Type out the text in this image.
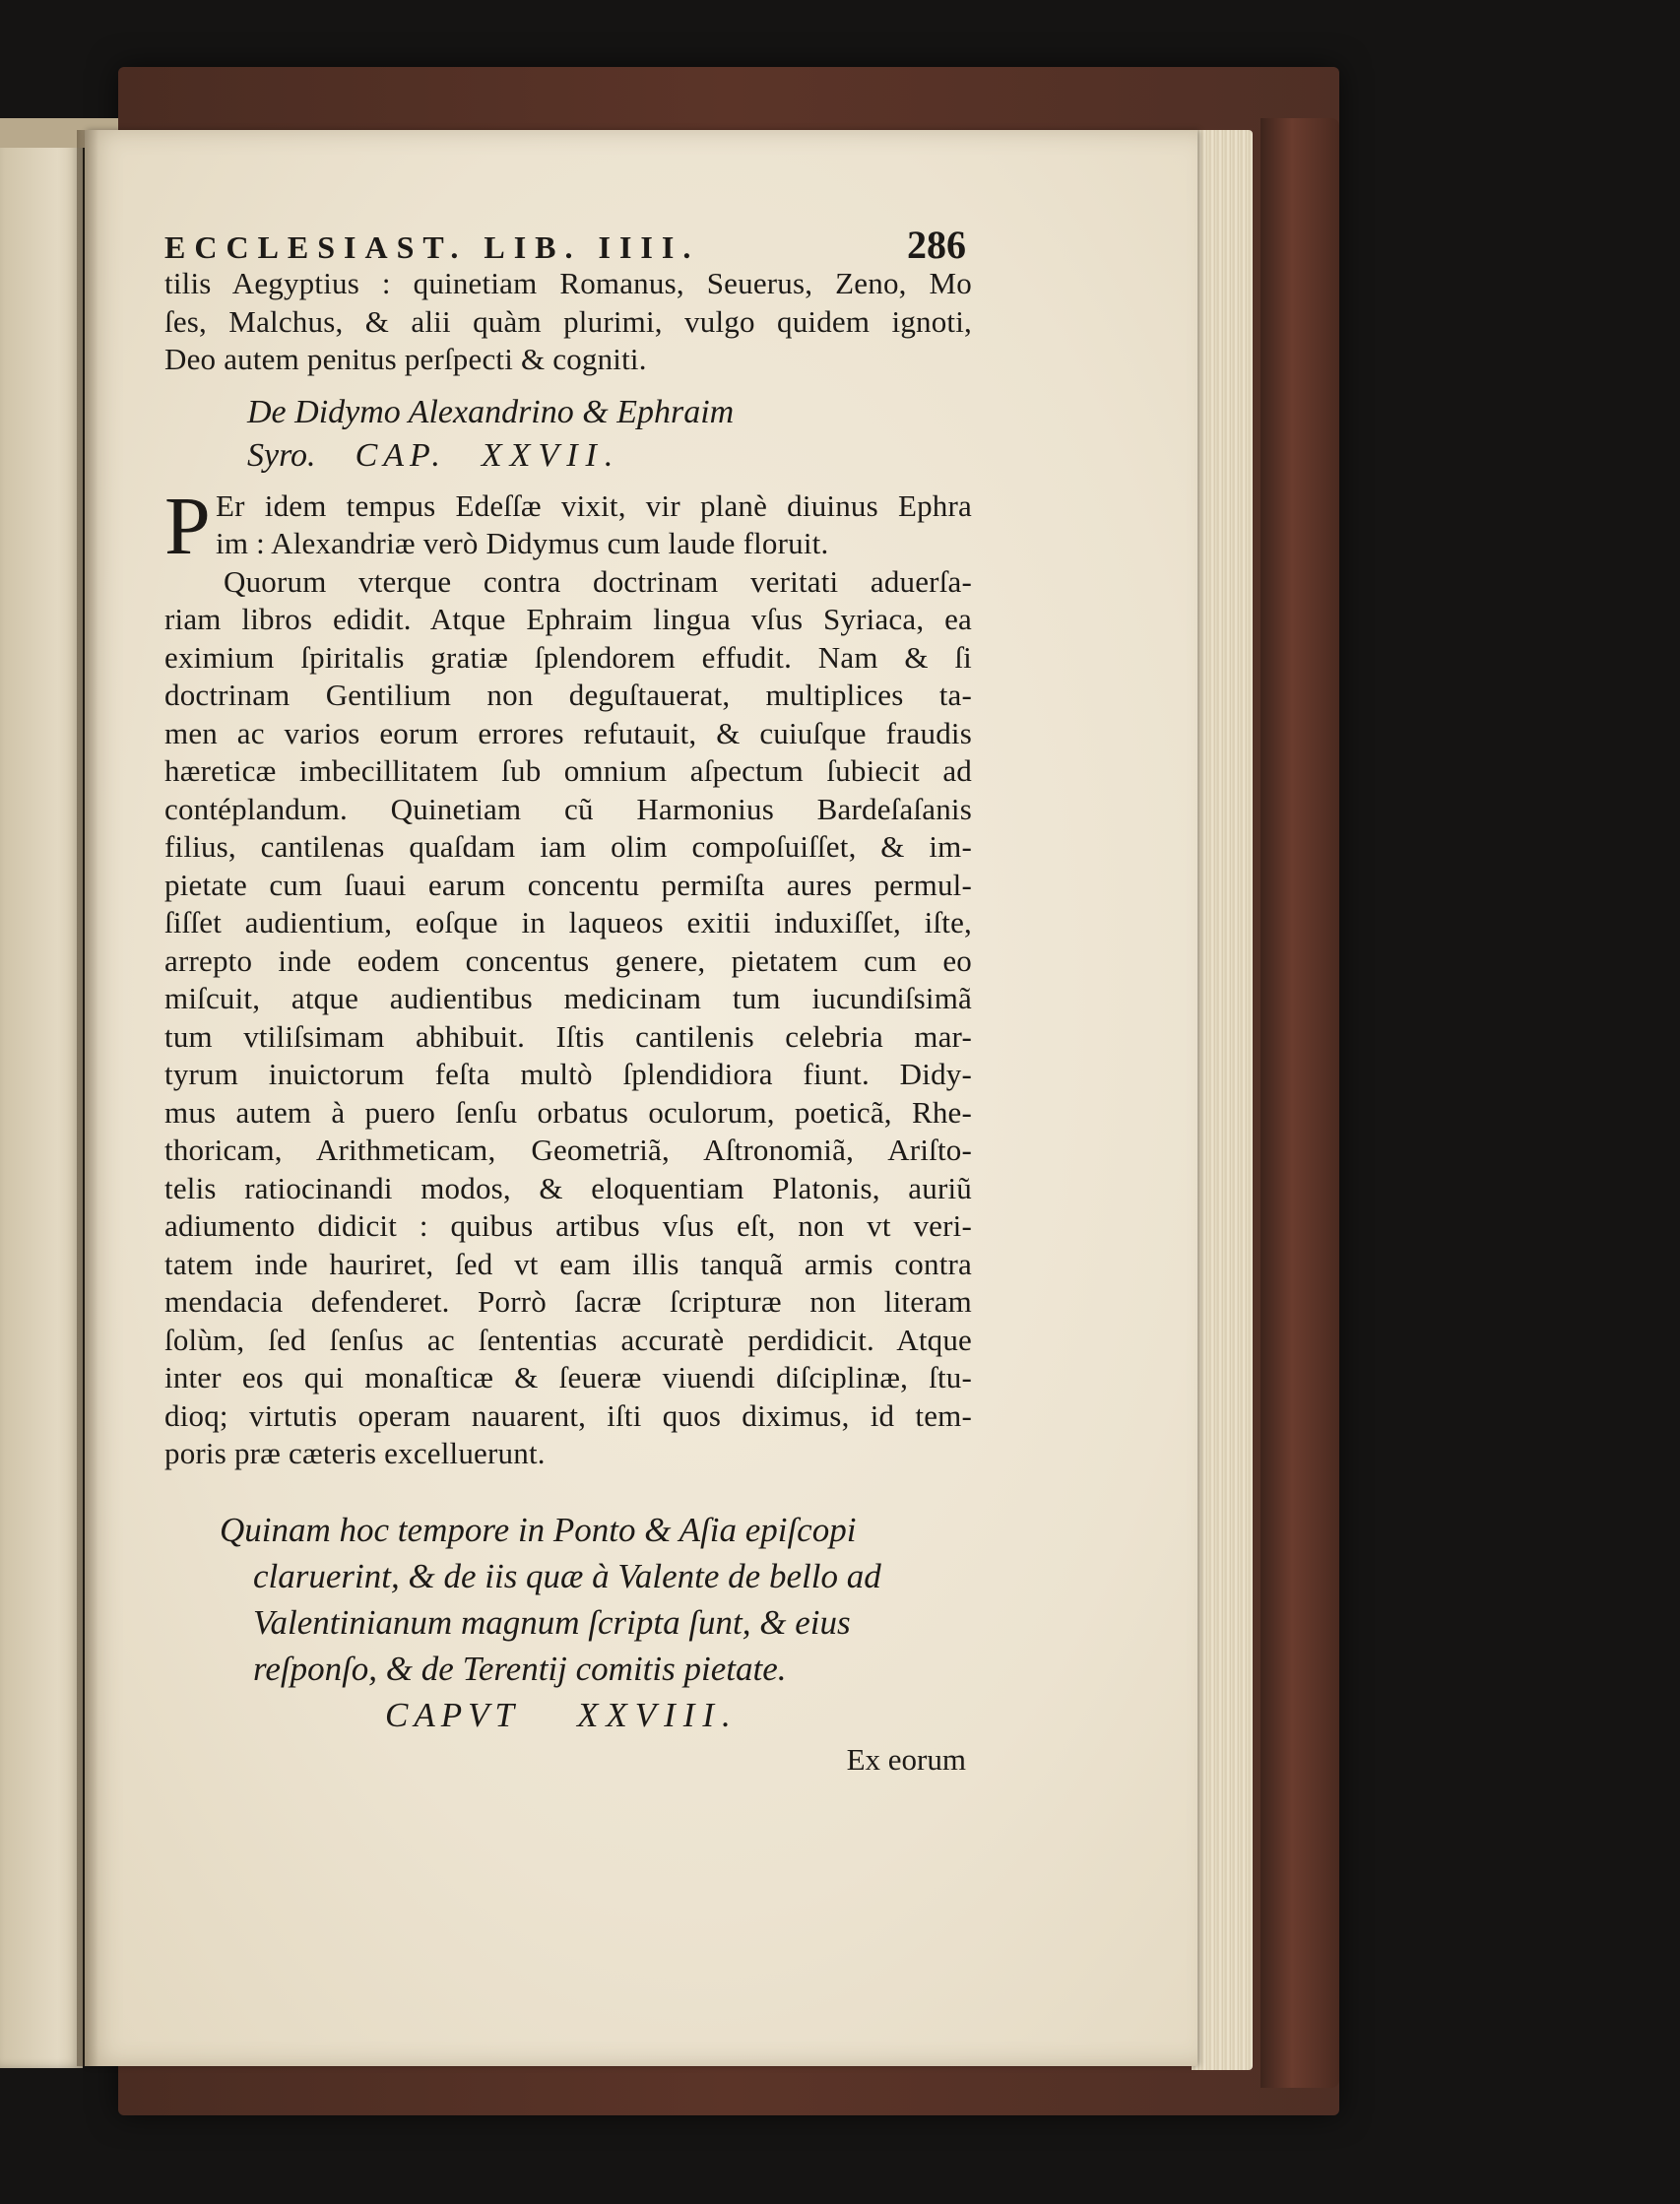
ECCLESIAST. LIB. IIII.	286
tilis Aegyptius : quinetiam Romanus, Seuerus, Zeno, Mo
ſes, Malchus, & alii quàm plurimi, vulgo quidem ignoti,
Deo autem penitus perſpecti & cogniti.
De Didymo Alexandrino & Ephraim
Syro. CAP. XXVII.
P Er idem tempus Edeſſæ vixit, vir planè diuinus Ephra
im : Alexandriæ verò Didymus cum laude floruit.
Quorum vterque contra doctrinam veritati aduerſa-
riam libros edidit. Atque Ephraim lingua vſus Syriaca, ea
eximium ſpiritalis gratiæ ſplendorem effudit. Nam & ſi
doctrinam Gentilium non deguſtauerat, multiplices ta-
men ac varios eorum errores refutauit, & cuiuſque fraudis
hæreticæ imbecillitatem ſub omnium aſpectum ſubiecit ad
contéplandum. Quinetiam cũ Harmonius Bardeſaſanis
filius, cantilenas quaſdam iam olim compoſuiſſet, & im-
pietate cum ſuaui earum concentu permiſta aures permul-
ſiſſet audientium, eoſque in laqueos exitii induxiſſet, iſte,
arrepto inde eodem concentus genere, pietatem cum eo
miſcuit, atque audientibus medicinam tum iucundiſsimã
tum vtiliſsimam abhibuit. Iſtis cantilenis celebria mar-
tyrum inuictorum feſta multò ſplendidiora fiunt. Didy-
mus autem à puero ſenſu orbatus oculorum, poeticã, Rhe-
thoricam, Arithmeticam, Geometriã, Aſtronomiã, Ariſto-
telis ratiocinandi modos, & eloquentiam Platonis, auriũ
adiumento didicit : quibus artibus vſus eſt, non vt veri-
tatem inde hauriret, ſed vt eam illis tanquã armis contra
mendacia defenderet. Porrò ſacræ ſcripturæ non literam
ſolùm, ſed ſenſus ac ſententias accuratè perdidicit. Atque
inter eos qui monaſticæ & ſeueræ viuendi diſciplinæ, ſtu-
dioq; virtutis operam nauarent, iſti quos diximus, id tem-
poris præ cæteris excelluerunt.
Quinam hoc tempore in Ponto & Aſia epiſcopi
claruerint, & de iis quæ à Valente de bello ad
Valentinianum magnum ſcripta ſunt, & eius
reſponſo, & de Terentij comitis pietate.
CAPVT XXVIII.
Ex eorum
